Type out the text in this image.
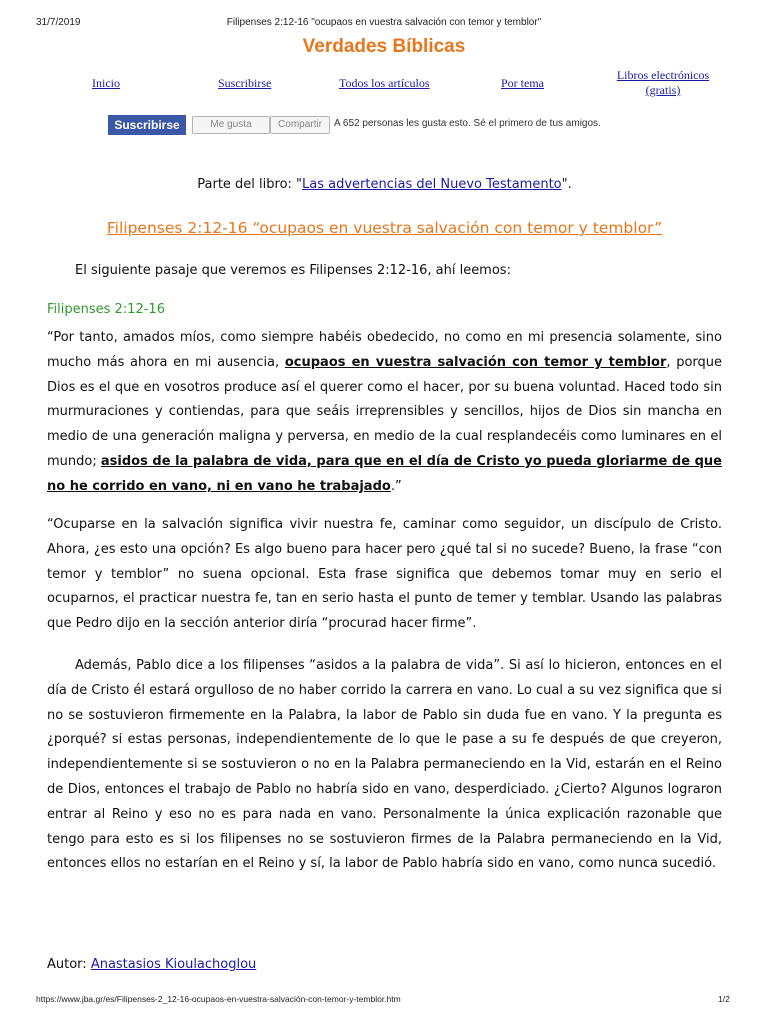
31/7/2019	Filipenses 2:12-16 "ocupaos en vuestra salvación con temor y temblor"
Verdades Bíblicas
Inicio	Suscribirse	Todos los artículos	Por tema
Libros electrónicos
(gratis)
Suscribirse	Me gusta	Compartir	A 652 personas les gusta esto. Sé el primero de tus amigos.
Parte del libro: "Las advertencias del Nuevo Testamento".
Filipenses 2:12-16 “ocupaos en vuestra salvación con temor y temblor”
El siguiente pasaje que veremos es Filipenses 2:12-16, ahí leemos:
Filipenses 2:12-16
“Por tanto, amados míos, como siempre habéis obedecido, no como en mi presencia solamente, sino mucho más ahora en mi ausencia, ocupaos en vuestra salvación con temor y temblor, porque Dios es el que en vosotros produce así el querer como el hacer, por su buena voluntad. Haced todo sin murmuraciones y contiendas, para que seáis irreprensibles y sencillos, hijos de Dios sin mancha en medio de una generación maligna y perversa, en medio de la cual resplandecéis como luminares en el mundo; asidos de la palabra de vida, para que en el día de Cristo yo pueda gloriarme de que no he corrido en vano, ni en vano he trabajado.”
“Ocuparse en la salvación significa vivir nuestra fe, caminar como seguidor, un discípulo de Cristo. Ahora, ¿es esto una opción? Es algo bueno para hacer pero ¿qué tal si no sucede? Bueno, la frase “con temor y temblor” no suena opcional. Esta frase significa que debemos tomar muy en serio el ocuparnos, el practicar nuestra fe, tan en serio hasta el punto de temer y temblar. Usando las palabras que Pedro dijo en la sección anterior diría “procurad hacer firme”.
Además, Pablo dice a los filipenses “asidos a la palabra de vida”. Si así lo hicieron, entonces en el día de Cristo él estará orgulloso de no haber corrido la carrera en vano. Lo cual a su vez significa que si no se sostuvieron firmemente en la Palabra, la labor de Pablo sin duda fue en vano. Y la pregunta es ¿porqué? si estas personas, independientemente de lo que le pase a su fe después de que creyeron, independientemente si se sostuvieron o no en la Palabra permaneciendo en la Vid, estarán en el Reino de Dios, entonces el trabajo de Pablo no habría sido en vano, desperdiciado. ¿Cierto? Algunos lograron entrar al Reino y eso no es para nada en vano. Personalmente la única explicación razonable que tengo para esto es si los filipenses no se sostuvieron firmes de la Palabra permaneciendo en la Vid, entonces ellos no estarían en el Reino y sí, la labor de Pablo habría sido en vano, como nunca sucedió.
Autor: Anastasios Kioulachoglou
https://www.jba.gr/es/Filipenses-2_12-16-ocupaos-en-vuestra-salvación-con-temor-y-temblor.htm	1/2
